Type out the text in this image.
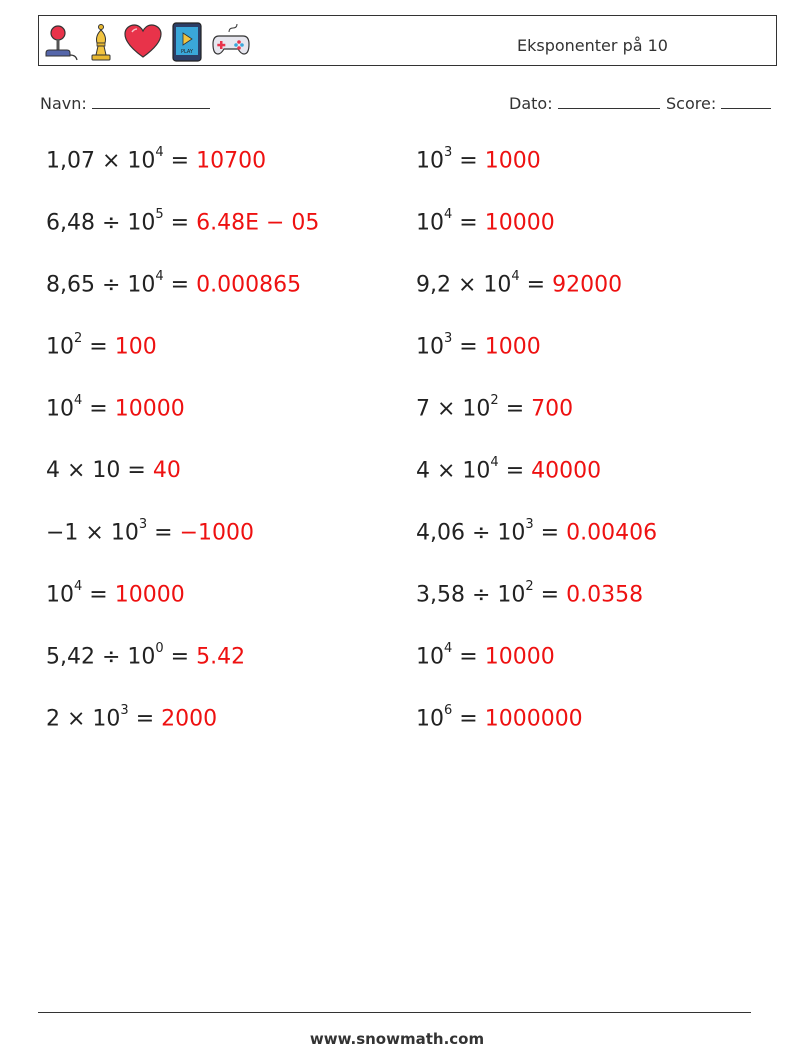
PLAY	Eksponenter på 10
Navn:	Dato:	Score:
$1,07 \times 10^4 = 10700$	$10^3 = 1000$
$6,48 \div 10^5 = 6.48E - 05$	$10^4 = 10000$
$8,65 \div 10^4 = 0.000865$	$9,2 \times 10^4 = 92000$
$10^2 = 100$	$10^3 = 1000$
$10^4 = 10000$	$7 \times 10^2 = 700$
4 × 10 = 40	$4 \times 10^4 = 40000$
$-1 \times 10^3 = -1000$	$4,06 \div 10^3 = 0.00406$
$10^4 = 10000$	$3,58 \div 10^2 = 0.0358$
$5,42 \div 10^0 = 5.42$	$10^4 = 10000$
$2 \times 10^3 = 2000$	$10^6 = 1000000$
www.snowmath.com
